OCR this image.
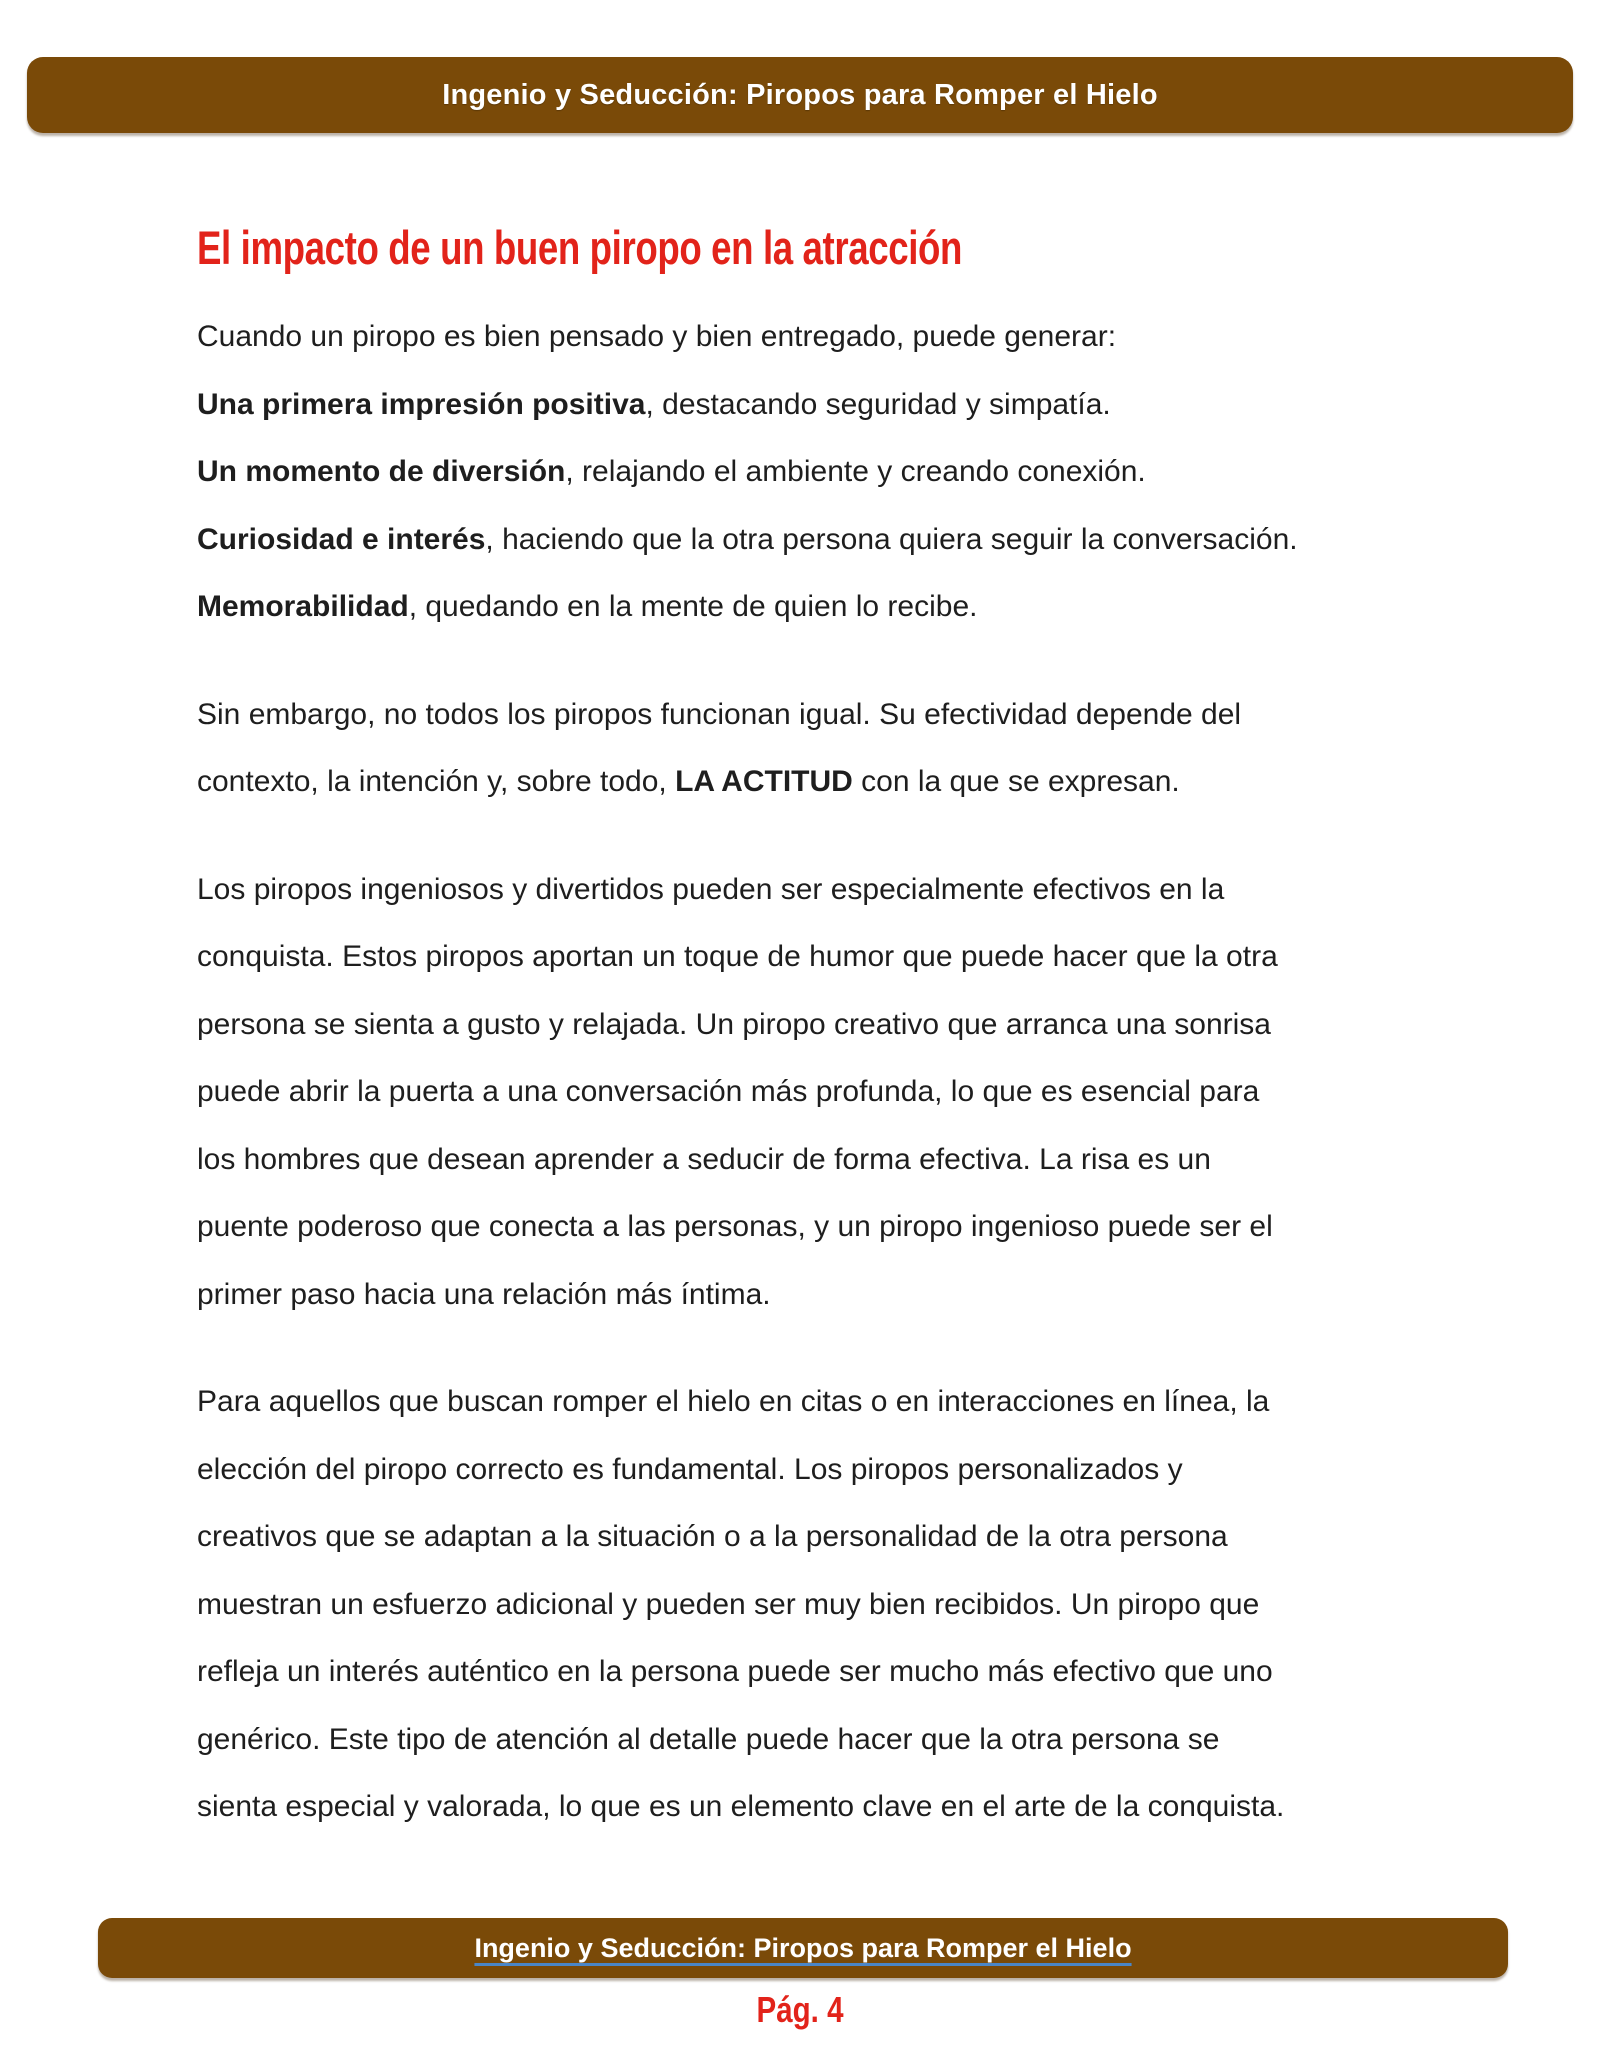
Ingenio y Seducción: Piropos para Romper el Hielo
El impacto de un buen piropo en la atracción
Cuando un piropo es bien pensado y bien entregado, puede generar:
Una primera impresión positiva, destacando seguridad y simpatía.
Un momento de diversión, relajando el ambiente y creando conexión.
Curiosidad e interés, haciendo que la otra persona quiera seguir la conversación.
Memorabilidad, quedando en la mente de quien lo recibe.
Sin embargo, no todos los piropos funcionan igual. Su efectividad depende del
contexto, la intención y, sobre todo, LA ACTITUD con la que se expresan.
Los piropos ingeniosos y divertidos pueden ser especialmente efectivos en la
conquista. Estos piropos aportan un toque de humor que puede hacer que la otra
persona se sienta a gusto y relajada. Un piropo creativo que arranca una sonrisa
puede abrir la puerta a una conversación más profunda, lo que es esencial para
los hombres que desean aprender a seducir de forma efectiva. La risa es un
puente poderoso que conecta a las personas, y un piropo ingenioso puede ser el
primer paso hacia una relación más íntima.
Para aquellos que buscan romper el hielo en citas o en interacciones en línea, la
elección del piropo correcto es fundamental. Los piropos personalizados y
creativos que se adaptan a la situación o a la personalidad de la otra persona
muestran un esfuerzo adicional y pueden ser muy bien recibidos. Un piropo que
refleja un interés auténtico en la persona puede ser mucho más efectivo que uno
genérico. Este tipo de atención al detalle puede hacer que la otra persona se
sienta especial y valorada, lo que es un elemento clave en el arte de la conquista.
Ingenio y Seducción: Piropos para Romper el Hielo
Pág. 4
